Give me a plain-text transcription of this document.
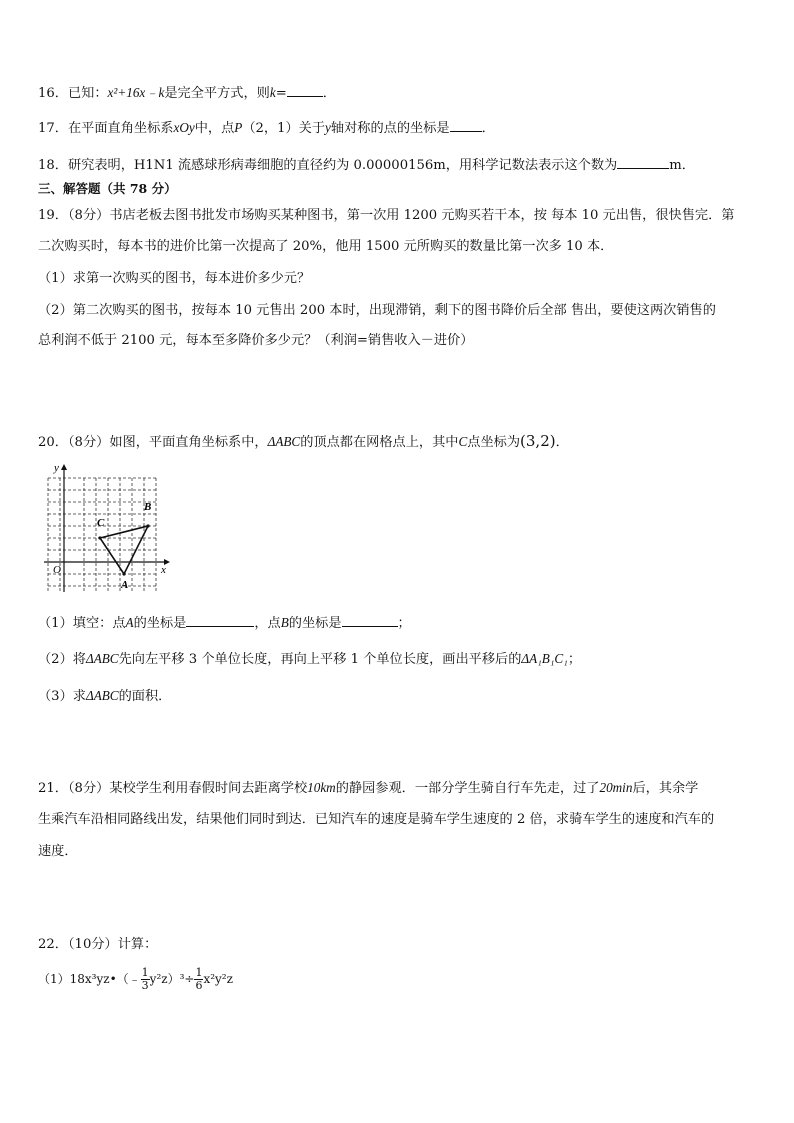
16．已知：x²+16x﹣k是完全平方式，则k=	．
17．在平面直角坐标系xOy中，点P（2，1）关于y轴对称的点的坐标是 ．
18．研究表明，H1N1 流感球形病毒细胞的直径约为 0.00000156m，用科学记数法表示这个数为	m．
三、解答题（共 78 分）
19．（8分）书店老板去图书批发市场购买某种图书，第一次用 1200 元购买若干本，按 每本 10 元出售，很快售完．第
二次购买时，每本书的进价比第一次提高了 20%，他用 1500 元所购买的数量比第一次多 10 本．
（1）求第一次购买的图书，每本进价多少元？
（2）第二次购买的图书，按每本 10 元售出 200 本时，出现滞销，剩下的图书降价后全部 售出，要使这两次销售的
总利润不低于 2100 元，每本至多降价多少元？（利润=销售收入－进价）
20．（8分）如图，平面直角坐标系中，ΔABC的顶点都在网格点上，其中C点坐标为(3,2)．
y
x
O
C
B
A
（1）填空：点A的坐标是	，点B的坐标是	；
（2）将ΔABC先向左平移 3 个单位长度，再向上平移 1 个单位长度，画出平移后的ΔA₁B₁C₁；
（3）求ΔABC的面积．
21．（8分）某校学生利用春假时间去距离学校10km的静园参观．一部分学生骑自行车先走，过了20min后，其余学
生乘汽车沿相同路线出发，结果他们同时到达．已知汽车的速度是骑车学生速度的 2 倍，求骑车学生的速度和汽车的
速度．
22．（10分）计算：
（1）18x³yz•（﹣ $\frac{1}{3} y^2z)^3\div \frac{1}{6} x^2y^2z$
